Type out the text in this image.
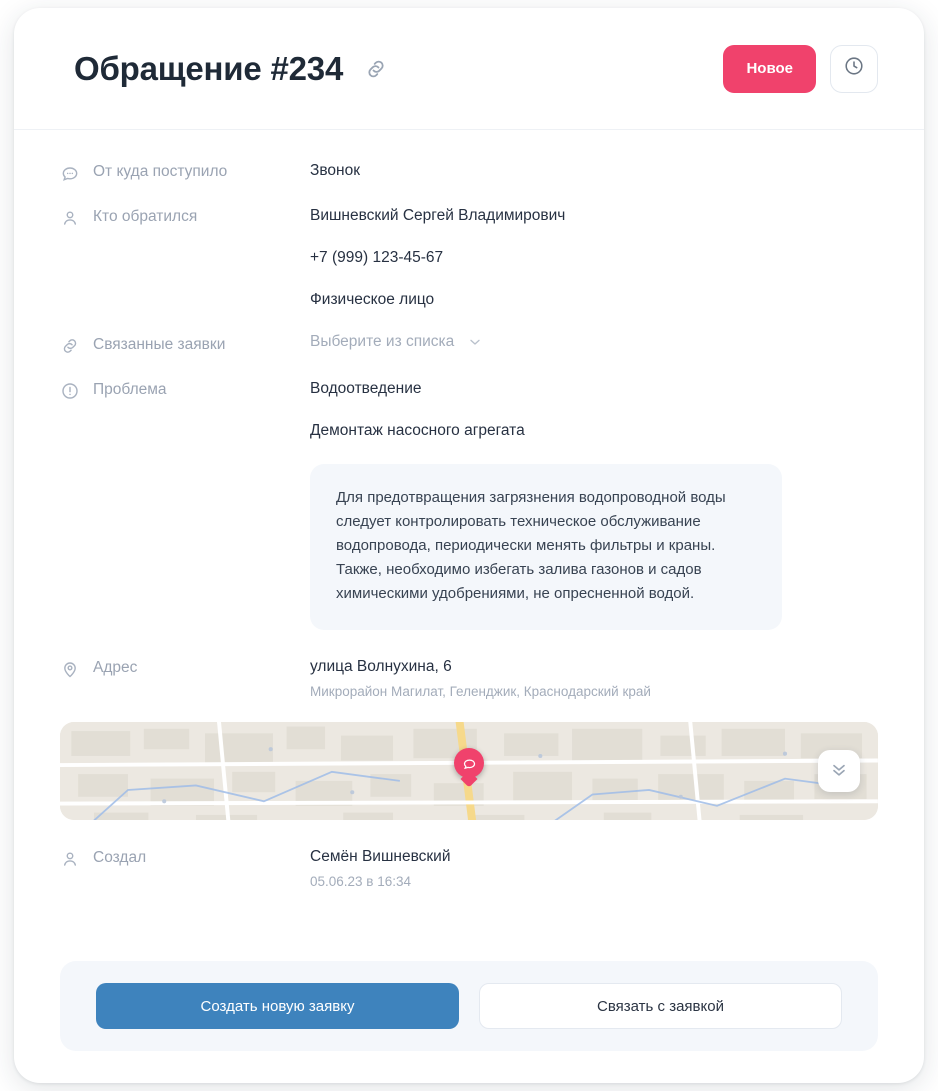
Обращение #234	Новое
От куда поступило	Звонок
Кто обратился	Вишневский Сергей Владимирович
+7 (999) 123-45-67
Физическое лицо
Связанные заявки	Выберите из списка
Проблема	Водоотведение
Демонтаж насосного агрегата
Для предотвращения загрязнения водопроводной воды следует контролировать техническое обслуживание водопровода, периодически менять фильтры и краны. Также, необходимо избегать залива газонов и садов химическими удобрениями, не опресненной водой.
Адрес	улица Волнухина, 6
Микрорайон Магилат, Геленджик, Краснодарский край
Создал	Семён Вишневский
05.06.23 в 16:34
Создать новую заявку	Связать с заявкой
